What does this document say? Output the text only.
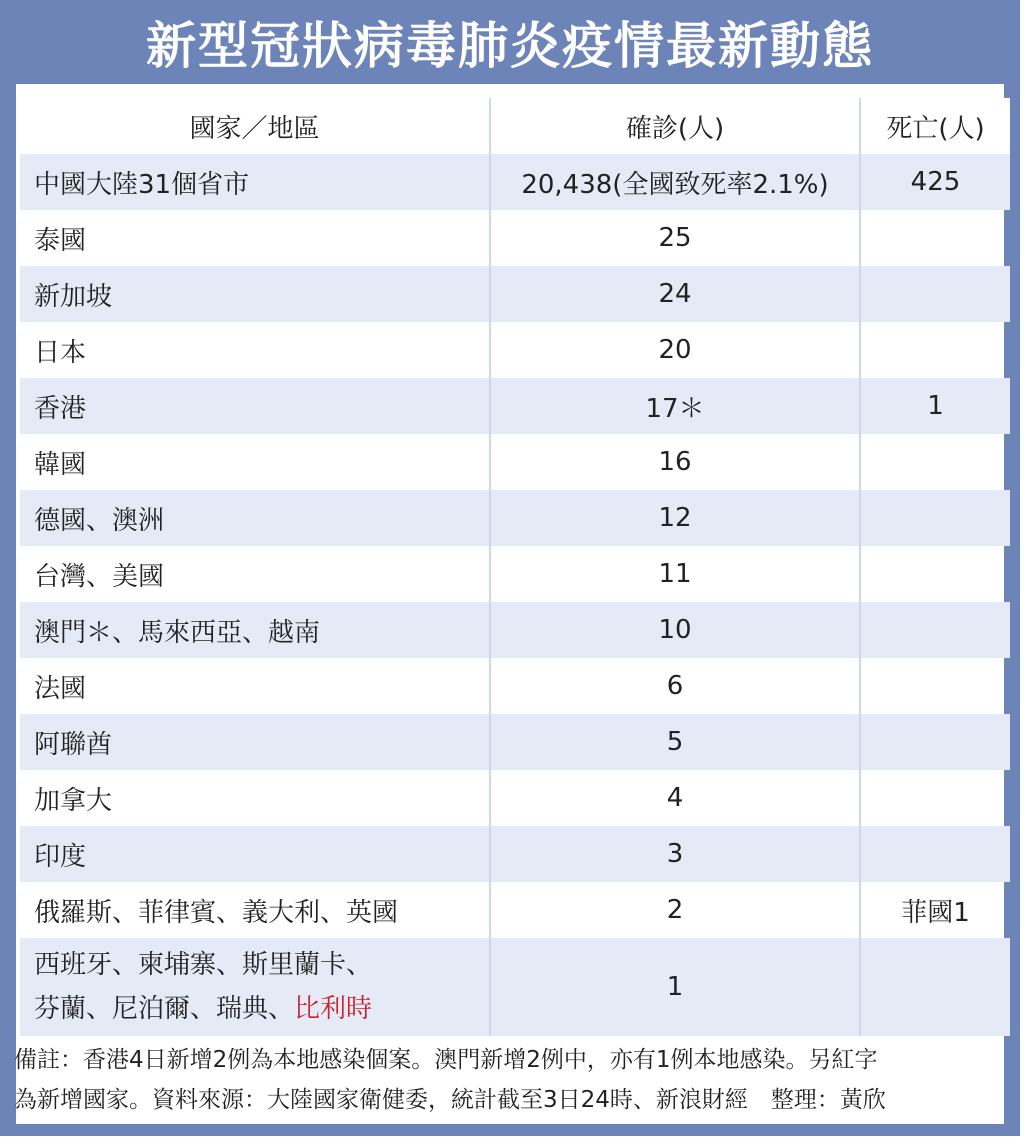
新型冠狀病毒肺炎疫情最新動態
國家／地區	確診(人)	死亡(人)
中國大陸31個省市	20,438(全國致死率2.1%)	425
泰國	25	
新加坡	24	
日本	20	
香港	17＊	1
韓國	16	
德國、澳洲	12	
台灣、美國	11	
澳門＊、馬來西亞、越南	10	
法國	6	
阿聯酋	5	
加拿大	4	
印度	3	
俄羅斯、菲律賓、義大利、英國	2	菲國1
西班牙、柬埔寨、斯里蘭卡、
芬蘭、尼泊爾、瑞典、比利時	1	
備註：香港4日新增2例為本地感染個案。澳門新增2例中，亦有1例本地感染。另紅字
為新增國家。資料來源：大陸國家衛健委，統計截至3日24時、新浪財經　整理：黃欣
